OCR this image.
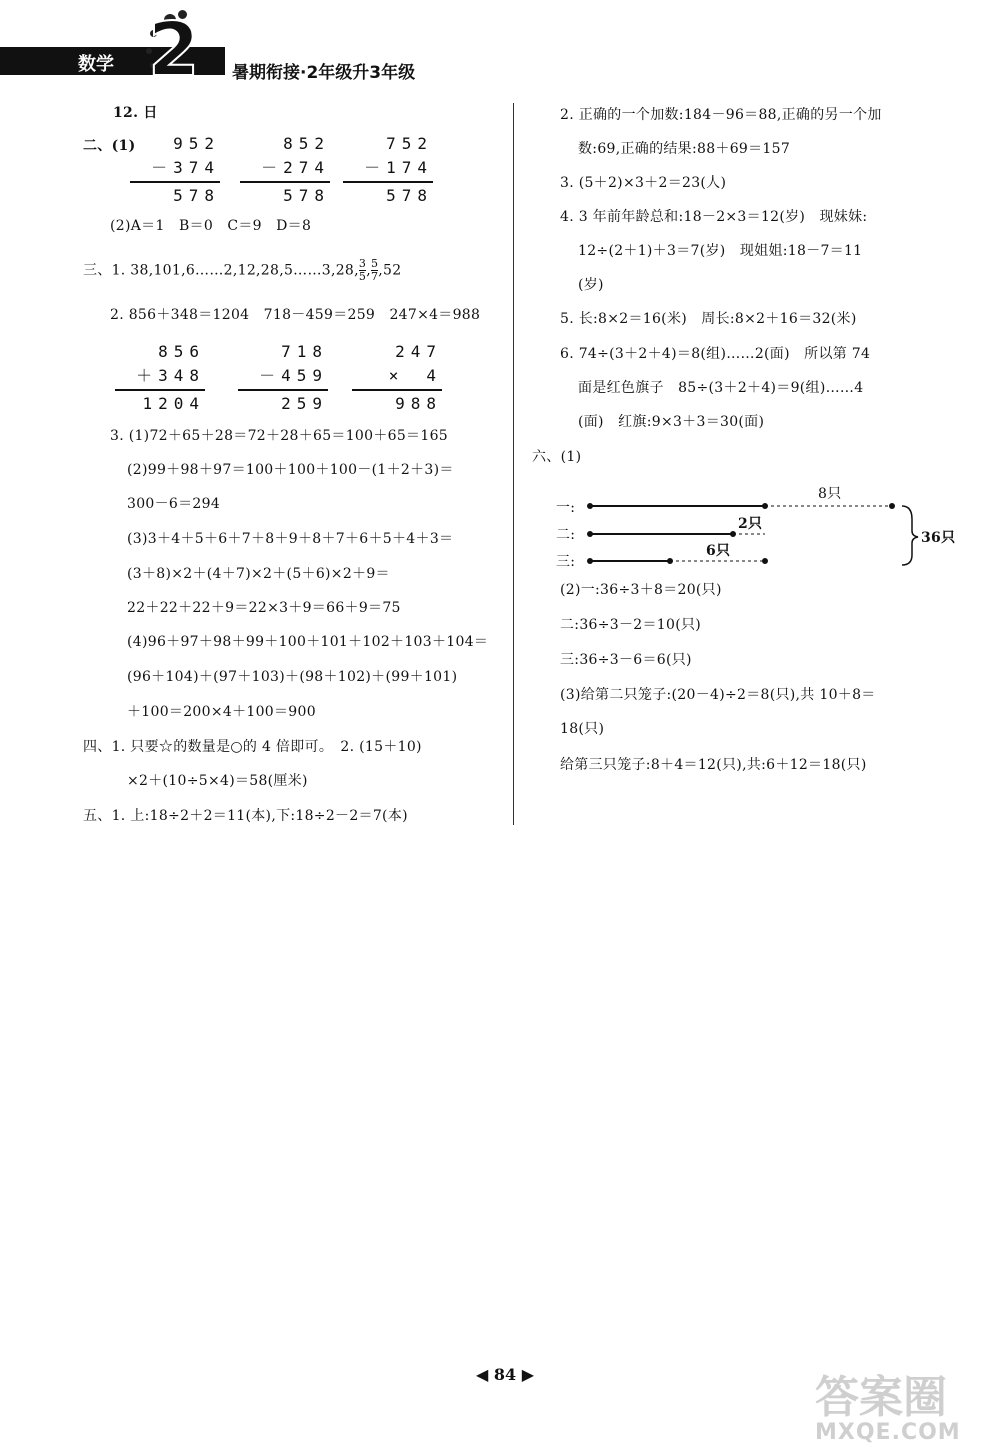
数学 2 暑期衔接·2年级升3年级
12. 日
二、(1)	952
－374
578
852
－274
578
752
－174
578
(2)A＝1　B＝0　C＝9　D＝8
三、1. 38,101,6……2,12,28,5……3,28, $\frac{3}{5}$ , $\frac{5}{7} ,52$
2. 856＋348＝1204　718－459＝259　247×4＝988
856
＋348
1204
718
－459
259
247
×　4
988
3. (1)72＋65＋28＝72＋28＋65＝100＋65＝165
(2)99＋98＋97＝100＋100＋100－(1＋2＋3)＝
300－6＝294
(3)3＋4＋5＋6＋7＋8＋9＋8＋7＋6＋5＋4＋3＝
(3＋8)×2＋(4＋7)×2＋(5＋6)×2＋9＝
22＋22＋22＋9＝22×3＋9＝66＋9＝75
(4)96＋97＋98＋99＋100＋101＋102＋103＋104＝
(96＋104)＋(97＋103)＋(98＋102)＋(99＋101)
＋100＝200×4＋100＝900
四、1. 只要☆的数量是○的 4 倍即可。　2. (15＋10)
×2＋(10÷5×4)＝58(厘米)
五、1. 上:18÷2＋2＝11(本),下:18÷2－2＝7(本)
2. 正确的一个加数:184－96＝88,正确的另一个加
数:69,正确的结果:88＋69＝157
3. (5＋2)×3＋2＝23(人)
4. 3 年前年龄总和:18－2×3＝12(岁)　现妹妹:
12÷(2＋1)＋3＝7(岁)　现姐姐:18－7＝11
(岁)
5. 长:8×2＝16(米)　周长:8×2＋16＝32(米)
6. 74÷(3＋2＋4)＝8(组)……2(面)　所以第 74
面是红色旗子　85÷(3＋2＋4)＝9(组)……4
(面)　红旗:9×3＋3＝30(面)
六、(1)
一:
二:
三:
8只
2只
6只
36只
(2)一:36÷3＋8＝20(只)
二:36÷3－2＝10(只)
三:36÷3－6＝6(只)
(3)给第二只笼子:(20－4)÷2＝8(只),共 10＋8＝
18(只)
给第三只笼子:8＋4＝12(只),共:6＋12＝18(只)
◀ 84 ▶	答案圈
MXQE.COM
